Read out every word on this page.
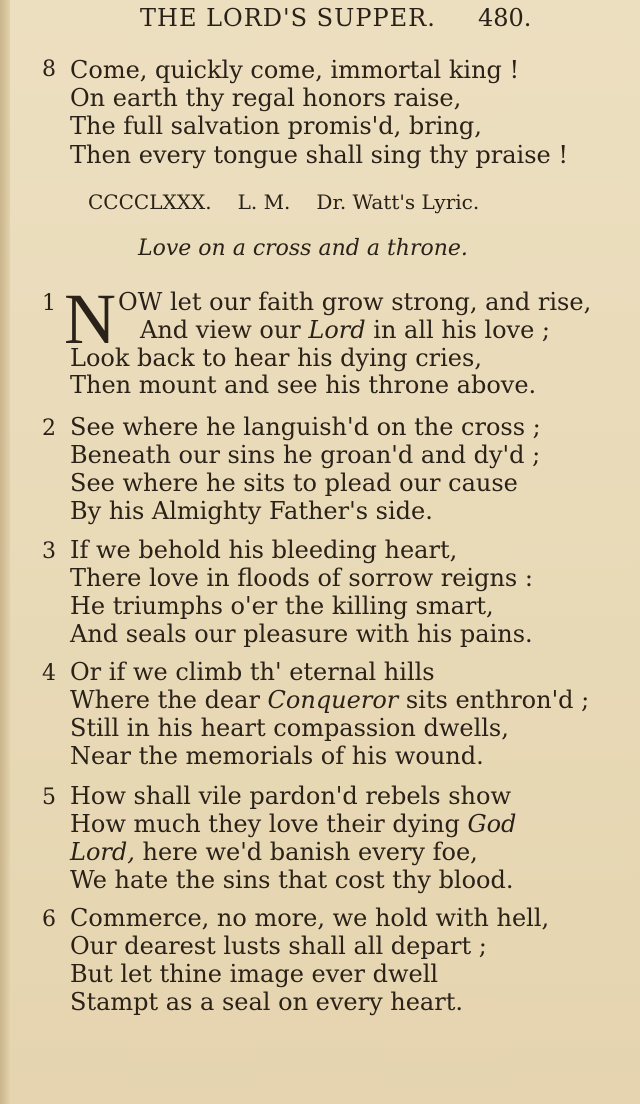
THE LORD'S SUPPER. 480.
8 Come, quickly come, immortal king !
On earth thy regal honors raise,
The full salvation promis'd, bring,
Then every tongue shall sing thy praise !
CCCCLXXX. L. M. Dr. Watt's Lyric.
Love on a cross and a throne.
1 N OW let our faith grow strong, and rise,
And view our Lord in all his love ;
Look back to hear his dying cries,
Then mount and see his throne above.
2 See where he languish'd on the cross ;
Beneath our sins he groan'd and dy'd ;
See where he sits to plead our cause
By his Almighty Father's side.
3 If we behold his bleeding heart,
There love in floods of sorrow reigns :
He triumphs o'er the killing smart,
And seals our pleasure with his pains.
4 Or if we climb th' eternal hills
Where the dear Conqueror sits enthron'd ;
Still in his heart compassion dwells,
Near the memorials of his wound.
5 How shall vile pardon'd rebels show
How much they love their dying God
Lord, here we'd banish every foe,
We hate the sins that cost thy blood.
6 Commerce, no more, we hold with hell,
Our dearest lusts shall all depart ;
But let thine image ever dwell
Stampt as a seal on every heart.
